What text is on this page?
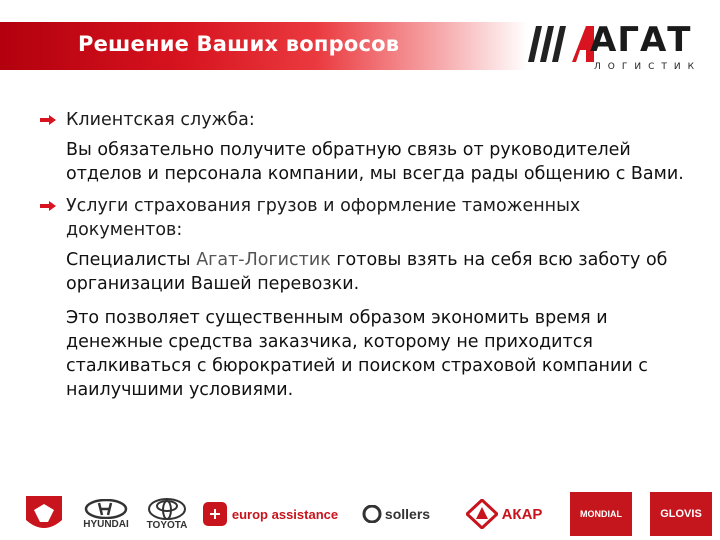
Решение Ваших вопросов	АГАТ
ЛОГИСТИК
Клиентская служба:
Вы обязательно получите обратную связь от руководителей отделов и персонала компании, мы всегда рады общению с Вами.
Услуги страхования грузов и оформление таможенных документов:
Специалисты Агат-Логистик готовы взять на себя всю заботу об организации Вашей перевозки.
Это позволяет существенным образом экономить время и денежные средства заказчика, которому не приходится сталкиваться с бюрократией и поиском страховой компании с наилучшими условиями.
HYUNDAI TOYOTA
europ assistance	sollers	АКАР	MONDIAL	GLOVIS
